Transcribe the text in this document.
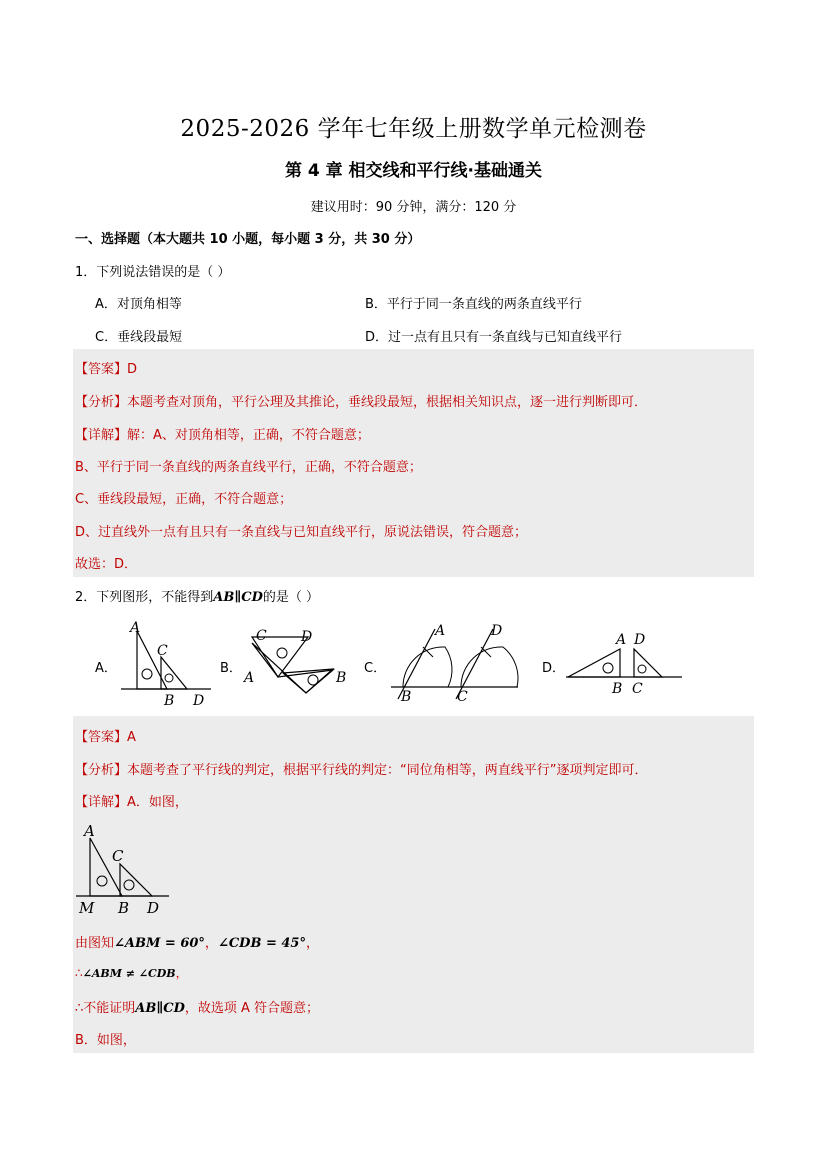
2025-2026 学年七年级上册数学单元检测卷
第 4 章 相交线和平行线·基础通关
建议用时：90 分钟，满分：120 分
一、选择题（本大题共 10 小题，每小题 3 分，共 30 分）
1．下列说法错误的是（ ）
A．对顶角相等	B．平行于同一条直线的两条直线平行
C．垂线段最短	D．过一点有且只有一条直线与已知直线平行
【答案】D
【分析】本题考查对顶角，平行公理及其推论，垂线段最短，根据相关知识点，逐一进行判断即可．
【详解】解：A、对顶角相等，正确，不符合题意；
B、平行于同一条直线的两条直线平行，正确，不符合题意；
C、垂线段最短，正确，不符合题意；
D、过直线外一点有且只有一条直线与已知直线平行，原说法错误，符合题意；
故选：D．
2．下列图形，不能得到AB∥CD的是（ ）
A．
A
C
B D
B．
C D
A	B
C．
A	D
B	C
D．
A D
B C
【答案】A
【分析】本题考查了平行线的判定，根据平行线的判定：“同位角相等，两直线平行”逐项判定即可．
【详解】A．如图，
A
C
M B D
由图知∠ABM = 60°，∠CDB = 45°，
∴∠ABM ≠ ∠CDB，
∴不能证明AB∥CD，故选项 A 符合题意；
B．如图，
